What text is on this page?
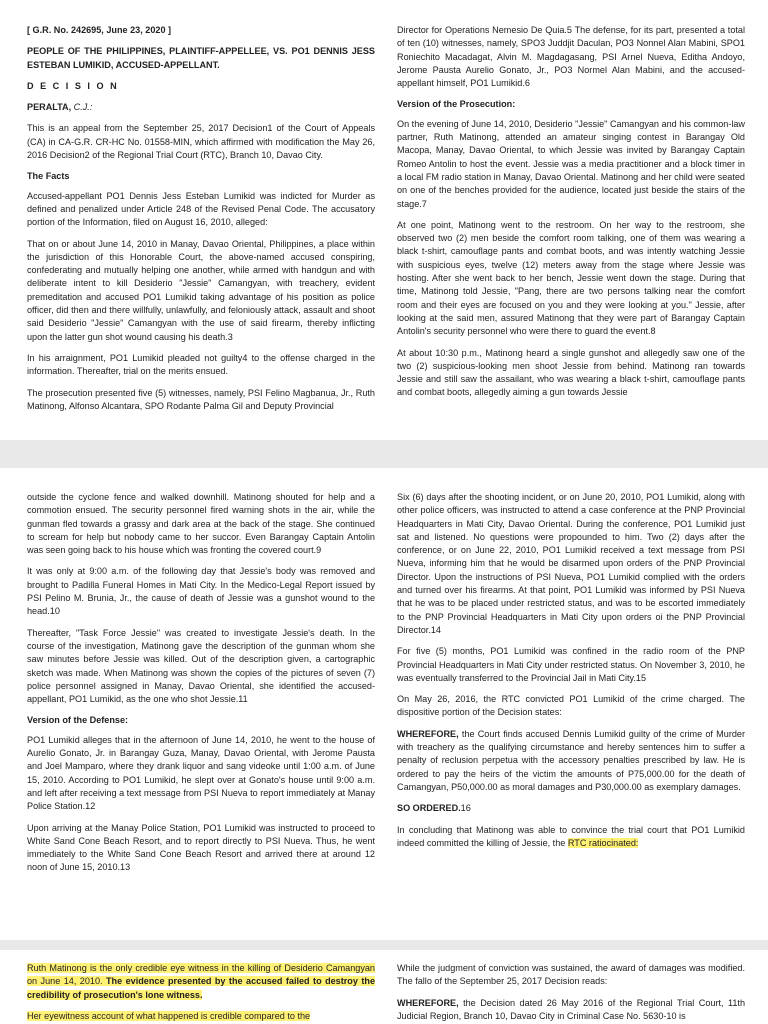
[ G.R. No. 242695, June 23, 2020 ]

PEOPLE OF THE PHILIPPINES, PLAINTIFF-APPELLEE, VS. PO1 DENNIS JESS ESTEBAN LUMIKID, ACCUSED-APPELLANT.

D E C I S I O N

PERALTA, C.J.:

This is an appeal from the September 25, 2017 Decision1 of the Court of Appeals (CA) in CA-G.R. CR-HC No. 01558-MIN, which affirmed with modification the May 26, 2016 Decision2 of the Regional Trial Court (RTC), Branch 10, Davao City.

The Facts

Accused-appellant PO1 Dennis Jess Esteban Lumikid was indicted for Murder as defined and penalized under Article 248 of the Revised Penal Code. The accusatory portion of the Information, filed on August 16, 2010, alleged:

That on or about June 14, 2010 in Manay, Davao Oriental, Philippines, a place within the jurisdiction of this Honorable Court, the above-named accused conspiring, confederating and mutually helping one another, while armed with handgun and with deliberate intent to kill Desiderio "Jessie" Camangyan, with treachery, evident premeditation and accused PO1 Lumikid taking advantage of his position as police officer, did then and there willfully, unlawfully, and feloniously attack, assault and shoot said Desiderio "Jessie" Camangyan with the use of said firearm, thereby inflicting upon the latter gun shot wound causing his death.3

In his arraignment, PO1 Lumikid pleaded not guilty4 to the offense charged in the information. Thereafter, trial on the merits ensued.

The prosecution presented five (5) witnesses, namely, PSI Felino Magbanua, Jr., Ruth Matinong, Alfonso Alcantara, SPO Rodante Palma Gil and Deputy Provincial

Director for Operations Nemesio De Quia.5 The defense, for its part, presented a total of ten (10) witnesses, namely, SPO3 Juddjit Daculan, PO3 Nonnel Alan Mabini, SPO1 Roniechito Macadagat, Alvin M. Magdagasang, PSI Arnel Nueva, Editha Andoyo, Jerome Pausta Aurelio Gonato, Jr., PO3 Normel Alan Mabini, and the accused-appellant himself, PO1 Lumikid.6

Version of the Prosecution:

On the evening of June 14, 2010, Desiderio "Jessie" Camangyan and his common-law partner, Ruth Matinong, attended an amateur singing contest in Barangay Old Macopa, Manay, Davao Oriental, to which Jessie was invited by Barangay Captain Romeo Antolin to host the event. Jessie was a media practitioner and a block timer in a local FM radio station in Manay, Davao Oriental. Matinong and her child were seated on one of the benches provided for the audience, located just beside the stairs of the stage.7

At one point, Matinong went to the restroom. On her way to the restroom, she observed two (2) men beside the comfort room talking, one of them was wearing a black t-shirt, camouflage pants and combat boots, and was intently watching Jessie with suspicious eyes, twelve (12) meters away from the stage where Jessie was hosting. After she went back to her bench, Jessie went down the stage. During that time, Matinong told Jessie, "Pang, there are two persons talking near the comfort room and their eyes are focused on you and they were looking at you." Jessie, after looking at the said men, assured Matinong that they were part of Barangay Captain Antolin's security personnel who were there to guard the event.8

At about 10:30 p.m., Matinong heard a single gunshot and allegedly saw one of the two (2) suspicious-looking men shoot Jessie from behind. Matinong ran towards Jessie and still saw the assailant, who was wearing a black t-shirt, camouflage pants and combat boots, allegedly aiming a gun towards Jessie

outside the cyclone fence and walked downhill. Matinong shouted for help and a commotion ensued. The security personnel fired warning shots in the air, while the gunman fled towards a grassy and dark area at the back of the stage. She continued to scream for help but nobody came to her succor. Even Barangay Captain Antolin was seen going back to his house which was fronting the covered court.9

It was only at 9:00 a.m. of the following day that Jessie's body was removed and brought to Padilla Funeral Homes in Mati City. In the Medico-Legal Report issued by PSI Pelino M. Brunia, Jr., the cause of death of Jessie was a gunshot wound to the head.10

Thereafter, "Task Force Jessie" was created to investigate Jessie's death. In the course of the investigation, Matinong gave the description of the gunman whom she saw minutes before Jessie was killed. Out of the description given, a cartographic sketch was made. When Matinong was shown the copies of the pictures of seven (7) police personnel assigned in Manay, Davao Oriental, she identified the accused-appellant, PO1 Lumikid, as the one who shot Jessie.11

Version of the Defense:

PO1 Lumikid alleges that in the afternoon of June 14, 2010, he went to the house of Aurelio Gonato, Jr. in Barangay Guza, Manay, Davao Oriental, with Jerome Pausta and Joel Mamparo, where they drank liquor and sang videoke until 1:00 a.m. of June 15, 2010. According to PO1 Lumikid, he slept over at Gonato's house until 9:00 a.m. and left after receiving a text message from PSI Nueva to report immediately at Manay Police Station.12

Upon arriving at the Manay Police Station, PO1 Lumikid was instructed to proceed to White Sand Cone Beach Resort, and to report directly to PSI Nueva. Thus, he went immediately to the White Sand Cone Beach Resort and arrived there at around 12 noon of June 15, 2010.13

Six (6) days after the shooting incident, or on June 20, 2010, PO1 Lumikid, along with other police officers, was instructed to attend a case conference at the PNP Provincial Headquarters in Mati City, Davao Oriental. During the conference, PO1 Lumikid just sat and listened. No questions were propounded to him. Two (2) days after the conference, or on June 22, 2010, PO1 Lumikid received a text message from PSI Nueva, informing him that he would be disarmed upon orders of the PNP Provincial Director. Upon the instructions of PSI Nueva, PO1 Lumikid complied with the orders and turned over his firearms. At that point, PO1 Lumikid was informed by PSI Nueva that he was to be placed under restricted status, and was to be escorted immediately to the PNP Provincial Headquarters in Mati City upon orders oi the PNP Provincial Director.14

For five (5) months, PO1 Lumikid was confined in the radio room of the PNP Provincial Headquarters in Mati City under restricted status. On November 3, 2010, he was eventually transferred to the Provincial Jail in Mati City.15

On May 26, 2016, the RTC convicted PO1 Lumikid of the crime charged. The dispositive portion of the Decision states:

WHEREFORE, the Court finds accused Dennis Lumikid guilty of the crime of Murder with treachery as the qualifying circumstance and hereby sentences him to suffer a penalty of reclusion perpetua with the accessory penalties prescribed by law. He is ordered to pay the heirs of the victim the amounts of P75,000.00 for the death of Camangyan, P50,000.00 as moral damages and P30,000.00 as exemplary damages.

SO ORDERED.16

In concluding that Matinong was able to convince the trial court that PO1 Lumikid indeed committed the killing of Jessie, the RTC ratiocinated:

Ruth Matinong is the only credible eye witness in the killing of Desiderio Camangyan on June 14, 2010. The evidence presented by the accused failed to destroy the credibility of prosecution's lone witness.

Her eyewitness account of what happened is credible compared to the

While the judgment of conviction was sustained, the award of damages was modified. The fallo of the September 25, 2017 Decision reads:

WHEREFORE, the Decision dated 26 May 2016 of the Regional Trial Court, 11th Judicial Region, Branch 10, Davao City in Criminal Case No. 5630-10 is
